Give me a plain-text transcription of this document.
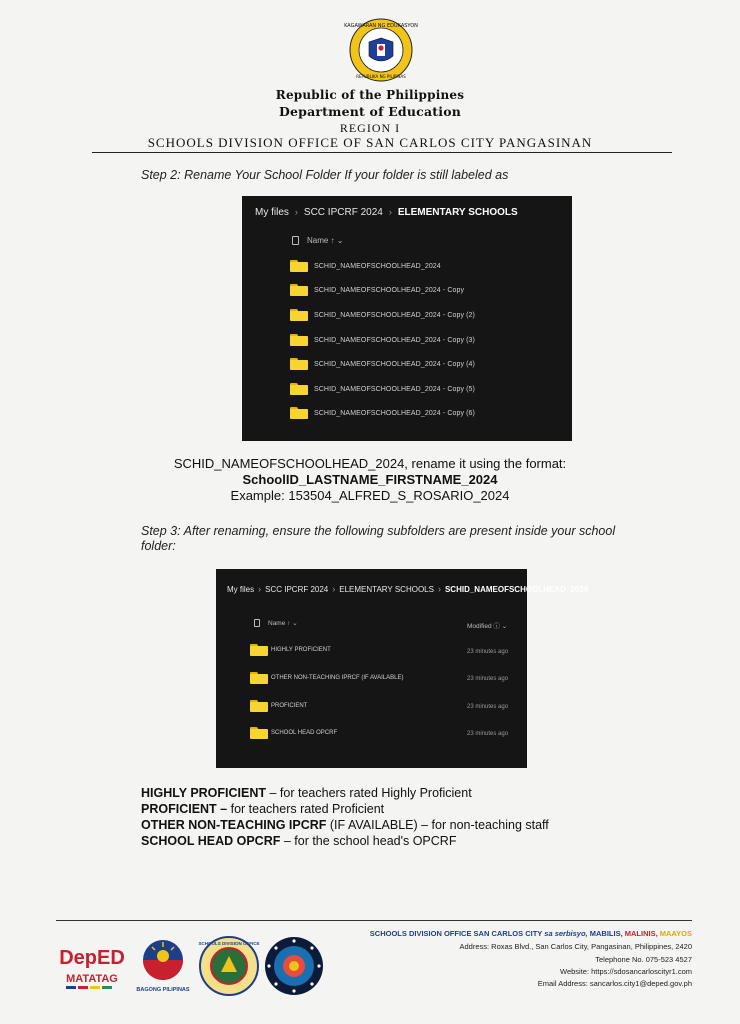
KAGAWARAN NG EDUKASYON
REPUBLIKA NG PILIPINAS
Republic of the Philippines
Department of Education
REGION I
SCHOOLS DIVISION OFFICE OF SAN CARLOS CITY PANGASINAN
Step 2: Rename Your School Folder If your folder is still labeled as
My files › SCC IPCRF 2024 › ELEMENTARY SCHOOLS
Name ↑ ⌄
SCHID_NAMEOFSCHOOLHEAD_2024
SCHID_NAMEOFSCHOOLHEAD_2024 - Copy
SCHID_NAMEOFSCHOOLHEAD_2024 - Copy (2)
SCHID_NAMEOFSCHOOLHEAD_2024 - Copy (3)
SCHID_NAMEOFSCHOOLHEAD_2024 - Copy (4)
SCHID_NAMEOFSCHOOLHEAD_2024 - Copy (5)
SCHID_NAMEOFSCHOOLHEAD_2024 - Copy (6)
SCHID_NAMEOFSCHOOLHEAD_2024, rename it using the format:
SchoolID_LASTNAME_FIRSTNAME_2024
Example: 153504_ALFRED_S_ROSARIO_2024
Step 3: After renaming, ensure the following subfolders are present inside your school
folder:
My files › SCC IPCRF 2024 › ELEMENTARY SCHOOLS › SCHID_NAMEOFSCHOOLHEAD_2024
Name ↑ ⌄	Modified ⓘ ⌄
HIGHLY PROFICIENT	23 minutes ago
OTHER NON-TEACHING IPRCF (IF AVAILABLE)	23 minutes ago
PROFICIENT	23 minutes ago
SCHOOL HEAD OPCRF	23 minutes ago
HIGHLY PROFICIENT – for teachers rated Highly Proficient
PROFICIENT – for teachers rated Proficient
OTHER NON-TEACHING IPCRF (IF AVAILABLE) – for non-teaching staff
SCHOOL HEAD OPCRF – for the school head's OPCRF
DepED
MATATAG
BAGONG PILIPINAS
SCHOOLS DIVISION OFFICE
SCHOOLS DIVISION OFFICE SAN CARLOS CITY sa serbisyo, MABILIS, MALINIS, MAAYOS
Address: Roxas Blvd., San Carlos City, Pangasinan, Philippines, 2420
Telephone No. 075-523 4527
Website: https://sdosancarloscityr1.com
Email Address: sancarlos.city1@deped.gov.ph
